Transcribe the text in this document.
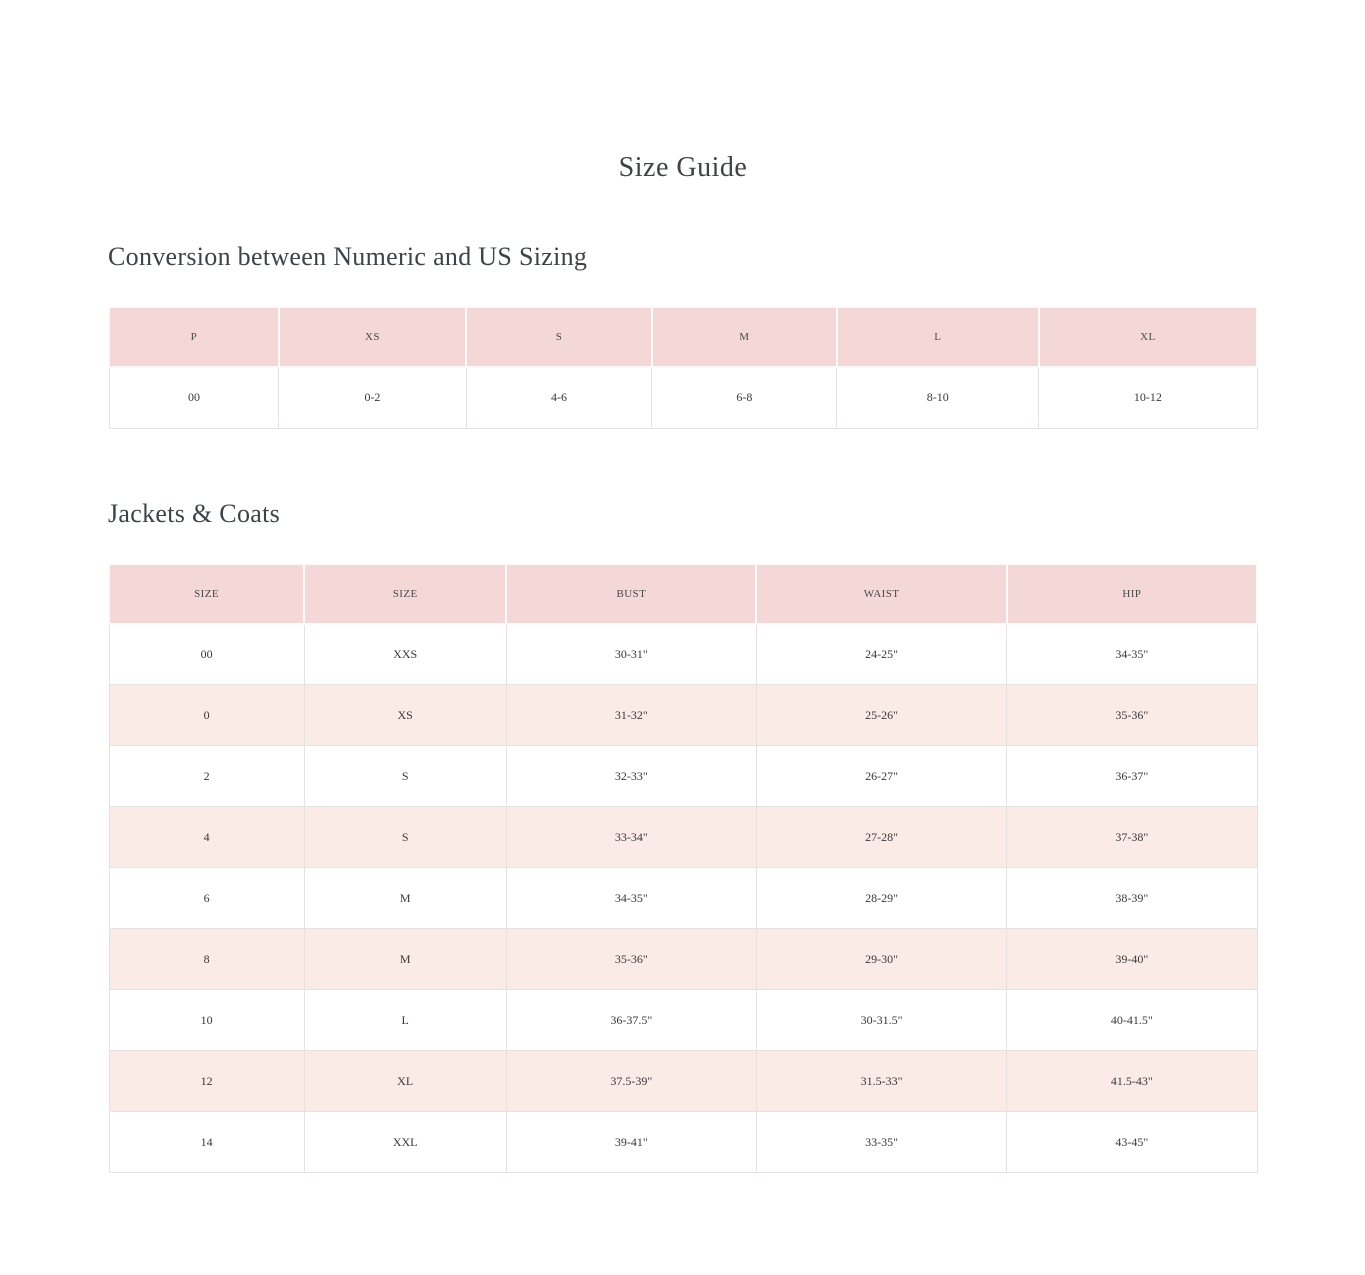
Size Guide
Conversion between Numeric and US Sizing
P	XS	S	M	L	XL
00	0-2	4-6	6-8	8-10	10-12
Jackets & Coats
SIZE	SIZE	BUST	WAIST	HIP
00	XXS	30-31"	24-25"	34-35"
0	XS	31-32"	25-26"	35-36"
2	S	32-33"	26-27"	36-37"
4	S	33-34"	27-28"	37-38"
6	M	34-35"	28-29"	38-39"
8	M	35-36"	29-30"	39-40"
10	L	36-37.5"	30-31.5"	40-41.5"
12	XL	37.5-39"	31.5-33"	41.5-43"
14	XXL	39-41"	33-35"	43-45"
